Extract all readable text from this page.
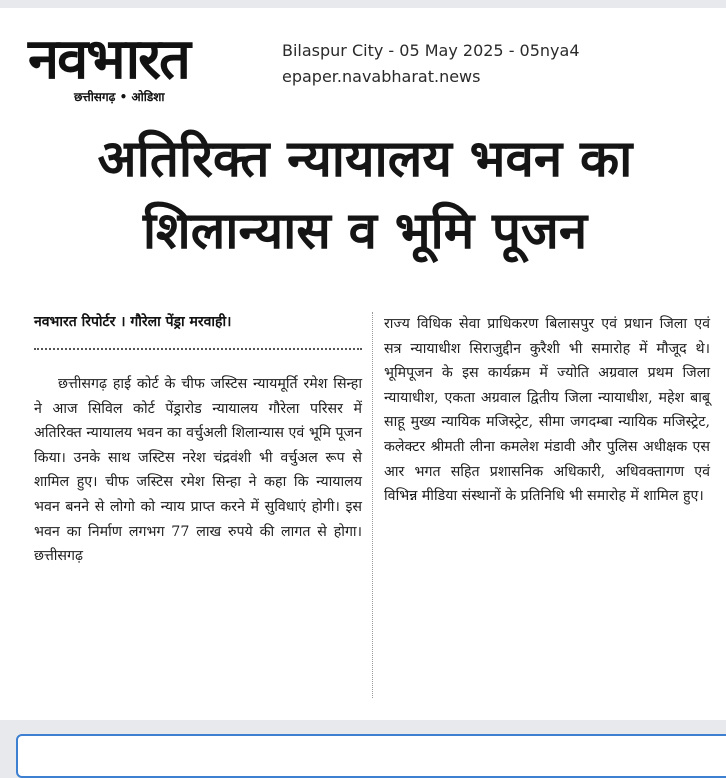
नवभारत
छत्तीसगढ़ • ओडिशा
Bilaspur City - 05 May 2025 - 05nya4
epaper.navabharat.news
अतिरिक्त न्यायालय भवन का
शिलान्यास व भूमि पूजन
नवभारत रिपोर्टर । गौरेला पेंड्रा मरवाही।
छत्तीसगढ़ हाई कोर्ट के चीफ जस्टिस न्यायमूर्ति रमेश सिन्हा ने आज सिविल कोर्ट पेंड्रारोड न्यायालय गौरेला परिसर में अतिरिक्त न्यायालय भवन का वर्चुअली शिलान्यास एवं भूमि पूजन किया। उनके साथ जस्टिस नरेश चंद्रवंशी भी वर्चुअल रूप से शामिल हुए। चीफ जस्टिस रमेश सिन्हा ने कहा कि न्यायालय भवन बनने से लोगो को न्याय प्राप्त करने में सुविधाएं होगी। इस भवन का निर्माण लगभग 77 लाख रुपये की लागत से होगा। छत्तीसगढ़
राज्य विधिक सेवा प्राधिकरण बिलासपुर एवं प्रधान जिला एवं सत्र न्यायाधीश सिराजुद्दीन कुरैशी भी समारोह में मौजूद थे। भूमिपूजन के इस कार्यक्रम में ज्योति अग्रवाल प्रथम जिला न्यायाधीश, एकता अग्रवाल द्वितीय जिला न्यायाधीश, महेश बाबू साहू मुख्य न्यायिक मजिस्ट्रेट, सीमा जगदम्बा न्यायिक मजिस्ट्रेट, कलेक्टर श्रीमती लीना कमलेश मंडावी और पुलिस अधीक्षक एस आर भगत सहित प्रशासनिक अधिकारी, अधिवक्तागण एवं विभिन्न मीडिया संस्थानों के प्रतिनिधि भी समारोह में शामिल हुए।
